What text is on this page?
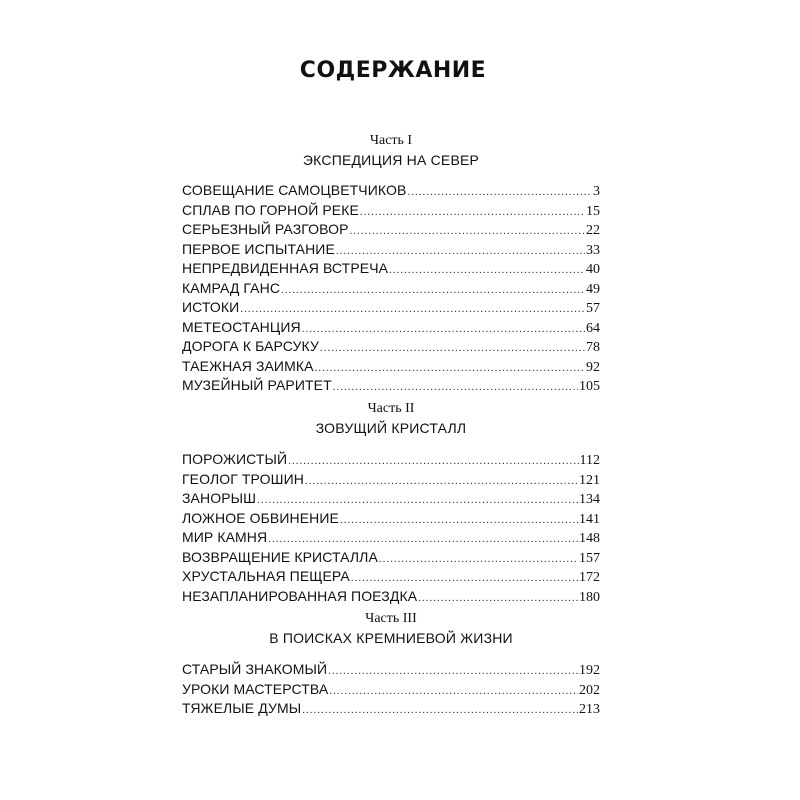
СОДЕРЖАНИЕ
Часть I
ЭКСПЕДИЦИЯ НА СЕВЕР
СОВЕЩАНИЕ САМОЦВЕТЧИКОВ .....	3
СПЛАВ ПО ГОРНОЙ РЕКЕ .....	15
СЕРЬЕЗНЫЙ РАЗГОВОР .....	22
ПЕРВОЕ ИСПЫТАНИЕ .....	33
НЕПРЕДВИДЕННАЯ ВСТРЕЧА .....	40
КАМРАД ГАНС .....	49
ИСТОКИ .....	57
МЕТЕОСТАНЦИЯ .....	64
ДОРОГА К БАРСУКУ .....	78
ТАЕЖНАЯ ЗАИМКА .....	92
МУЗЕЙНЫЙ РАРИТЕТ .....	105
Часть II
ЗОВУЩИЙ КРИСТАЛЛ
ПОРОЖИСТЫЙ .....	112
ГЕОЛОГ ТРОШИН .....	121
ЗАНОРЫШ .....	134
ЛОЖНОЕ ОБВИНЕНИЕ .....	141
МИР КАМНЯ .....	148
ВОЗВРАЩЕНИЕ КРИСТАЛЛА .....	157
ХРУСТАЛЬНАЯ ПЕЩЕРА .....	172
НЕЗАПЛАНИРОВАННАЯ ПОЕЗДКА .....	180
Часть III
В ПОИСКАХ КРЕМНИЕВОЙ ЖИЗНИ
СТАРЫЙ ЗНАКОМЫЙ .....	192
УРОКИ МАСТЕРСТВА .....	202
ТЯЖЕЛЫЕ ДУМЫ .....	213
